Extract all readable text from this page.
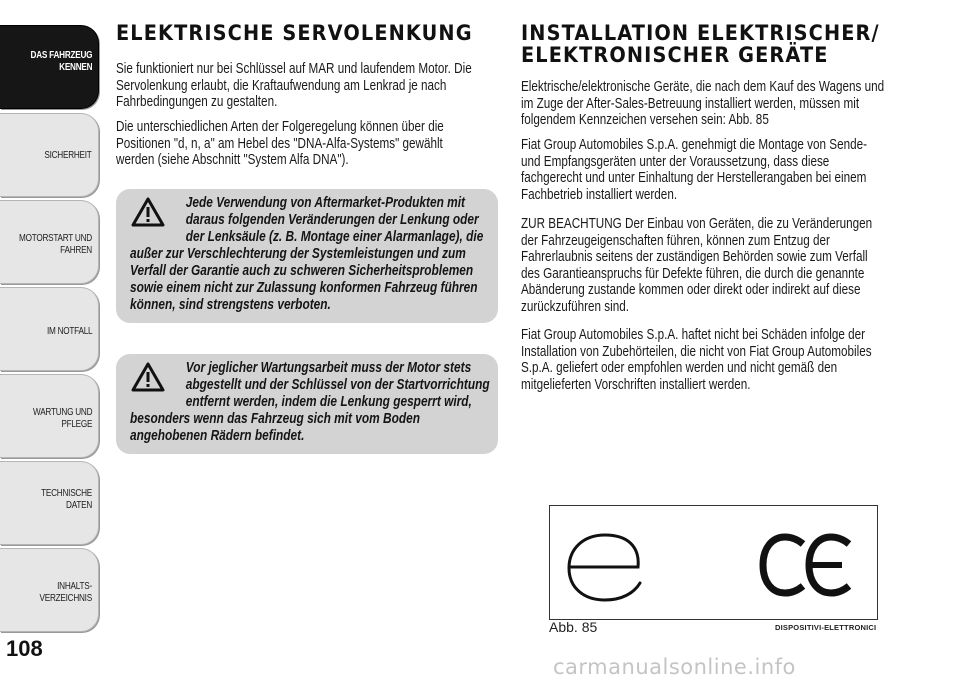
DAS FAHRZEUG
KENNEN
SICHERHEIT
MOTORSTART UND
FAHREN
IM NOTFALL
WARTUNG UND
PFLEGE
TECHNISCHE DATEN
INHALTS-
VERZEICHNIS
108
ELEKTRISCHE SERVOLENKUNG

Sie funktioniert nur bei Schlüssel auf MAR und laufendem Motor. Die Servolenkung erlaubt, die Kraftaufwendung am Lenkrad je nach Fahrbedingungen zu gestalten.

Die unterschiedlichen Arten der Folgeregelung können über die Positionen "d, n, a" am Hebel des "DNA-Alfa-Systems" gewählt werden (siehe Abschnitt "System Alfa DNA").

Jede Verwendung von Aftermarket-Produkten mit daraus folgenden Veränderungen der Lenkung oder der Lenksäule (z. B. Montage einer Alarmanlage), die außer zur Verschlechterung der Systemleistungen und zum Verfall der Garantie auch zu schweren Sicherheitsproblemen sowie einem nicht zur Zulassung konformen Fahrzeug führen können, sind strengstens verboten.

Vor jeglicher Wartungsarbeit muss der Motor stets abgestellt und der Schlüssel von der Startvorrichtung entfernt werden, indem die Lenkung gesperrt wird, besonders wenn das Fahrzeug sich mit vom Boden angehobenen Rädern befindet.

INSTALLATION ELEKTRISCHER/
ELEKTRONISCHER GERÄTE

Elektrische/elektronische Geräte, die nach dem Kauf des Wagens und im Zuge der After-Sales-Betreuung installiert werden, müssen mit folgendem Kennzeichen versehen sein: Abb. 85

Fiat Group Automobiles S.p.A. genehmigt die Montage von Sende- und Empfangsgeräten unter der Voraussetzung, dass diese fachgerecht und unter Einhaltung der Herstellerangaben bei einem Fachbetrieb installiert werden.

ZUR BEACHTUNG Der Einbau von Geräten, die zu Veränderungen der Fahrzeugeigenschaften führen, können zum Entzug der Fahrerlaubnis seitens der zuständigen Behörden sowie zum Verfall des Garantieanspruchs für Defekte führen, die durch die genannte Abänderung zustande kommen oder direkt oder indirekt auf diese zurückzuführen sind.

Fiat Group Automobiles S.p.A. haftet nicht bei Schäden infolge der Installation von Zubehörteilen, die nicht von Fiat Group Automobiles S.p.A. geliefert oder empfohlen werden und nicht gemäß den mitgelieferten Vorschriften installiert werden.

Abb. 85	DISPOSITIVI-ELETTRONICI
carmanualsonline.info
